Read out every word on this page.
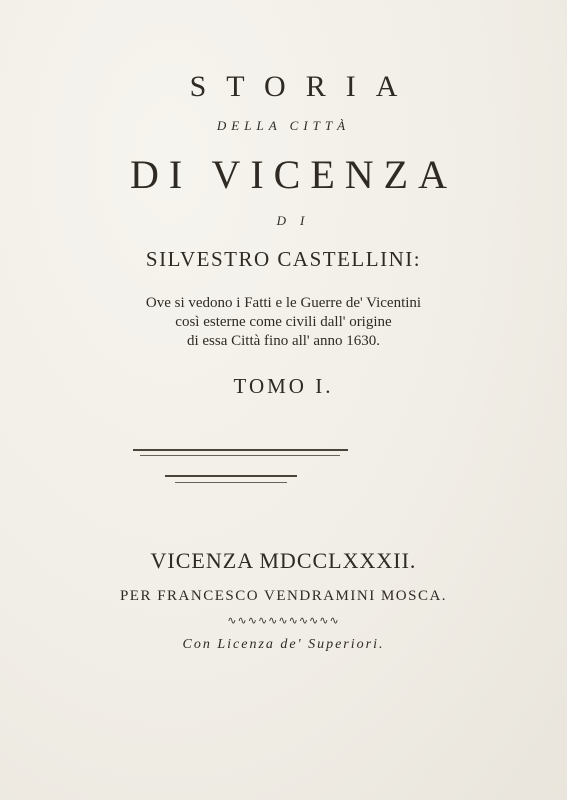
STORIA
DELLA CITTÀ
DI VICENZA
DI
SILVESTRO CASTELLINI:
Ove si vedono i Fatti e le Guerre de' Vicentini
così esterne come civili dall' origine
di essa Città fino all' anno 1630.
TOMO I.
VICENZA MDCCLXXXII.
PER FRANCESCO VENDRAMINI MOSCA.
∿∿∿∿∿∿∿∿∿∿∿
Con Licenza de' Superiori.
